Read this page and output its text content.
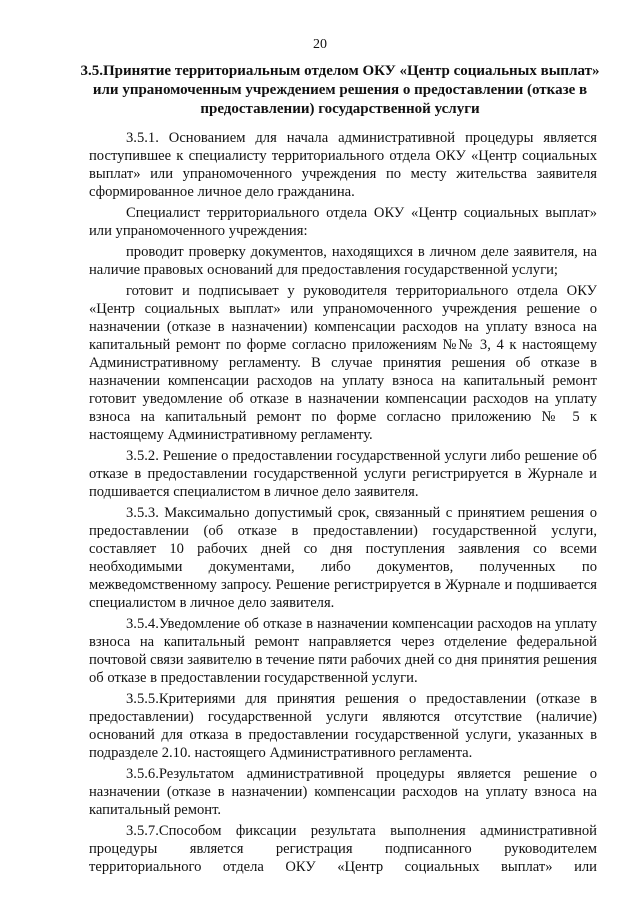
20
3.5.Принятие территориальным отделом ОКУ «Центр социальных выплат» или упраномоченным учреждением решения о предоставлении (отказе в предоставлении) государственной услуги

3.5.1. Основанием для начала административной процедуры является поступившее к специалисту территориального отдела ОКУ «Центр социальных выплат» или упраномоченного учреждения по месту жительства заявителя сформированное личное дело гражданина.

Специалист территориального отдела ОКУ «Центр социальных выплат» или упраномоченного учреждения:

проводит проверку документов, находящихся в личном деле заявителя, на наличие правовых оснований для предоставления государственной услуги;

готовит и подписывает у руководителя территориального отдела ОКУ «Центр социальных выплат» или упраномоченного учреждения решение о назначении (отказе в назначении) компенсации расходов на уплату взноса на капитальный ремонт по форме согласно приложениям №№ 3, 4 к настоящему Административному регламенту. В случае принятия решения об отказе в назначении компенсации расходов на уплату взноса на капитальный ремонт готовит уведомление об отказе в назначении компенсации расходов на уплату взноса на капитальный ремонт по форме согласно приложению № 5 к настоящему Административному регламенту.

3.5.2. Решение о предоставлении государственной услуги либо решение об отказе в предоставлении государственной услуги регистрируется в Журнале и подшивается специалистом в личное дело заявителя.

3.5.3. Максимально допустимый срок, связанный с принятием решения о предоставлении (об отказе в предоставлении) государственной услуги, составляет 10 рабочих дней со дня поступления заявления со всеми необходимыми документами, либо документов, полученных по межведомственному запросу. Решение регистрируется в Журнале и подшивается специалистом в личное дело заявителя.

3.5.4.Уведомление об отказе в назначении компенсации расходов на уплату взноса на капитальный ремонт направляется через отделение федеральной почтовой связи заявителю в течение пяти рабочих дней со дня принятия решения об отказе в предоставлении государственной услуги.

3.5.5.Критериями для принятия решения о предоставлении (отказе в предоставлении) государственной услуги являются отсутствие (наличие) оснований для отказа в предоставлении государственной услуги, указанных в подразделе 2.10. настоящего Административного регламента.

3.5.6.Результатом административной процедуры является решение о назначении (отказе в назначении) компенсации расходов на уплату взноса на капитальный ремонт.

3.5.7.Способом фиксации результата выполнения административной процедуры является регистрация подписанного руководителем территориального отдела ОКУ «Центр социальных выплат» или
